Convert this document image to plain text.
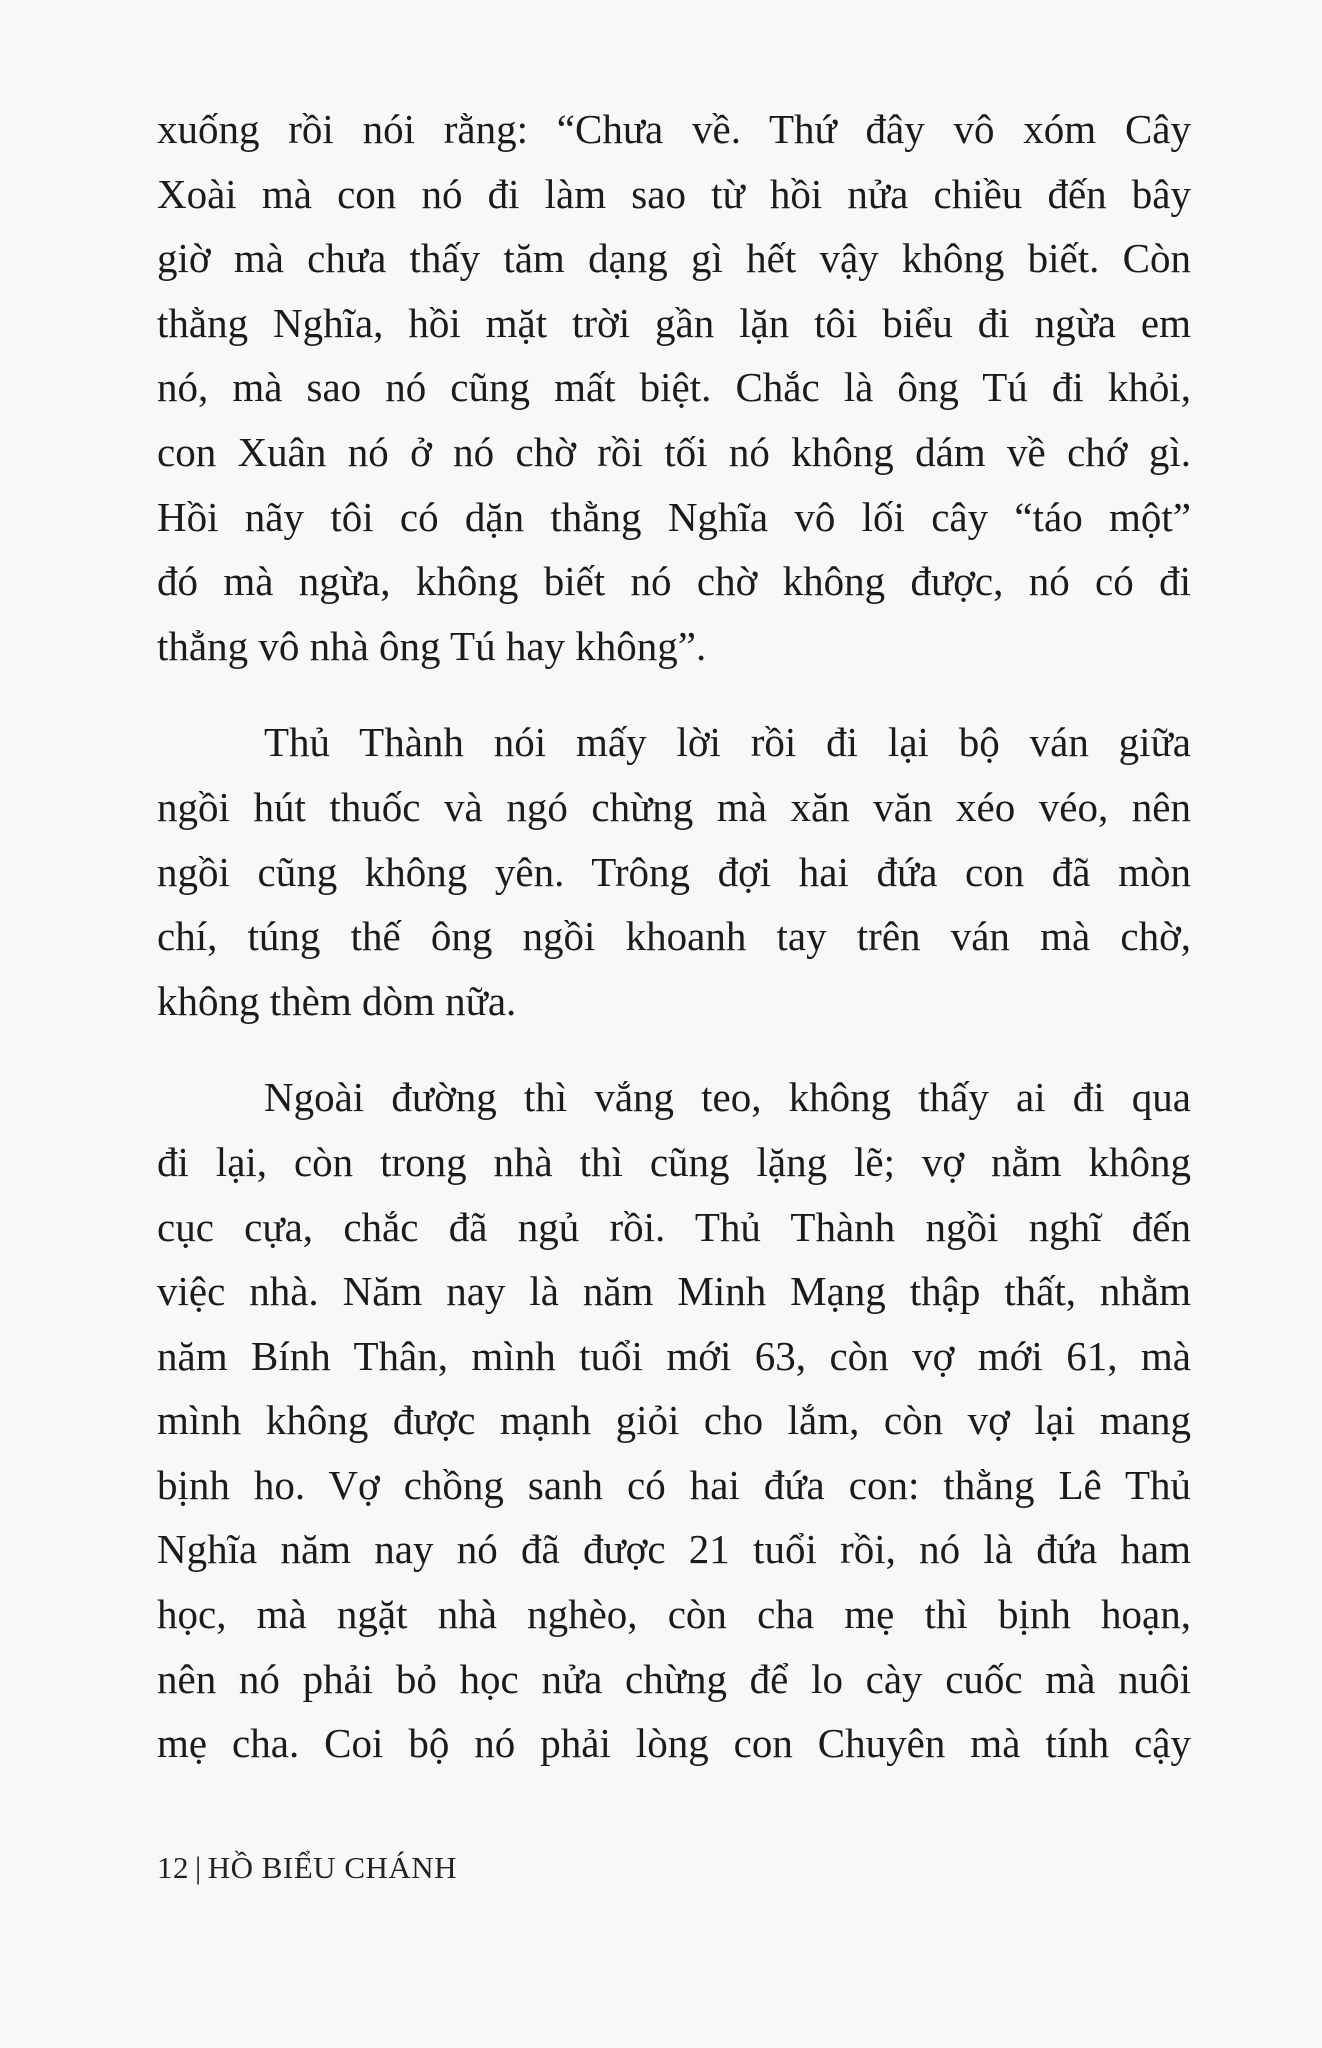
xuống rồi nói rằng: “Chưa về. Thứ đây vô xóm Cây
Xoài mà con nó đi làm sao từ hồi nửa chiều đến bây
giờ mà chưa thấy tăm dạng gì hết vậy không biết. Còn
thằng Nghĩa, hồi mặt trời gần lặn tôi biểu đi ngừa em
nó, mà sao nó cũng mất biệt. Chắc là ông Tú đi khỏi,
con Xuân nó ở nó chờ rồi tối nó không dám về chớ gì.
Hồi nãy tôi có dặn thằng Nghĩa vô lối cây “táo một”
đó mà ngừa, không biết nó chờ không được, nó có đi
thẳng vô nhà ông Tú hay không”.
Thủ Thành nói mấy lời rồi đi lại bộ ván giữa
ngồi hút thuốc và ngó chừng mà xăn văn xéo véo, nên
ngồi cũng không yên. Trông đợi hai đứa con đã mòn
chí, túng thế ông ngồi khoanh tay trên ván mà chờ,
không thèm dòm nữa.
Ngoài đường thì vắng teo, không thấy ai đi qua
đi lại, còn trong nhà thì cũng lặng lẽ; vợ nằm không
cục cựa, chắc đã ngủ rồi. Thủ Thành ngồi nghĩ đến
việc nhà. Năm nay là năm Minh Mạng thập thất, nhằm
năm Bính Thân, mình tuổi mới 63, còn vợ mới 61, mà
mình không được mạnh giỏi cho lắm, còn vợ lại mang
bịnh ho. Vợ chồng sanh có hai đứa con: thằng Lê Thủ
Nghĩa năm nay nó đã được 21 tuổi rồi, nó là đứa ham
học, mà ngặt nhà nghèo, còn cha mẹ thì bịnh hoạn,
nên nó phải bỏ học nửa chừng để lo cày cuốc mà nuôi
mẹ cha. Coi bộ nó phải lòng con Chuyên mà tính cậy
12 | HỒ BIỂU CHÁNH
